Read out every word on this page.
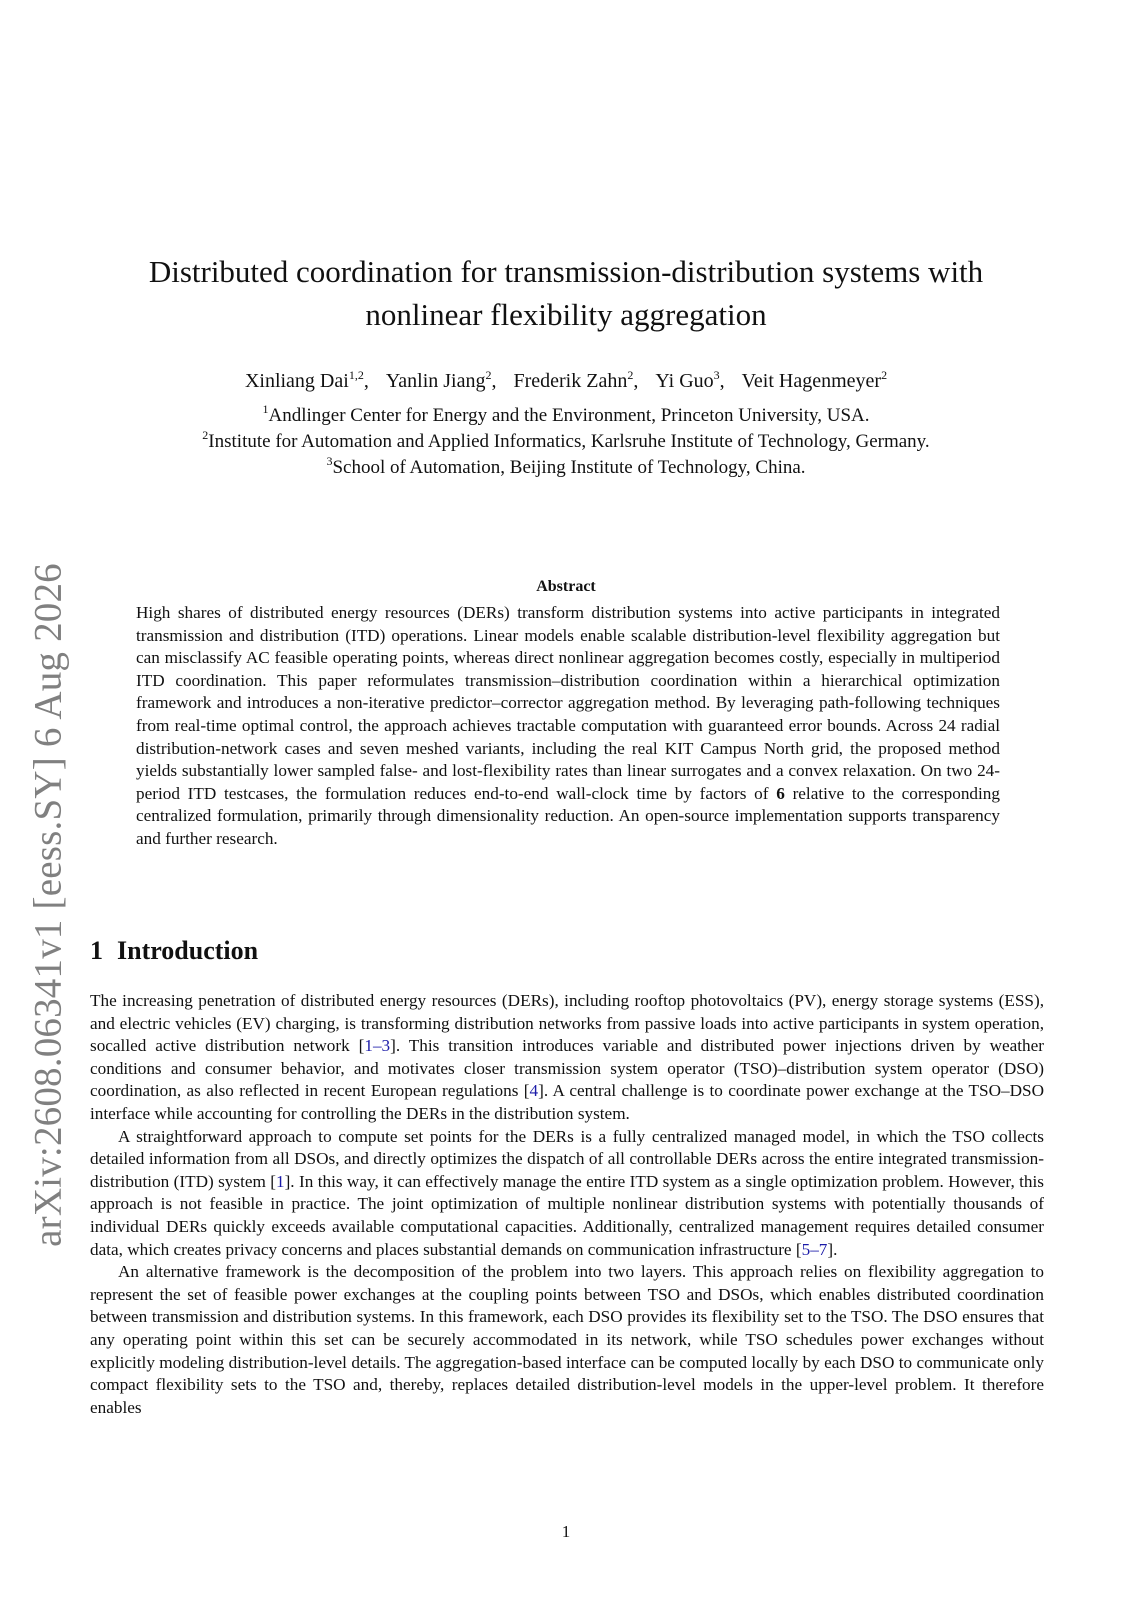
arXiv:2608.06341v1 [eess.SY] 6 Aug 2026
Distributed coordination for transmission-distribution systems with
nonlinear flexibility aggregation
Xinliang Dai$^{1,2}$, Yanlin Jiang$^2$, Frederik Zahn$^2$, Yi Guo$^3$, Veit Hagenmeyer$^2$
$^1$Andlinger Center for Energy and the Environment, Princeton University, USA.
$^2$Institute for Automation and Applied Informatics, Karlsruhe Institute of Technology, Germany.
$^3$School of Automation, Beijing Institute of Technology, China.
Abstract

High shares of distributed energy resources (DERs) transform distribution systems into active participants in integrated transmission and distribution (ITD) operations. Linear models enable scalable distribution-level flexibility aggregation but can misclassify AC feasible operating points, whereas direct nonlinear aggregation becomes costly, especially in multiperiod ITD coordination. This paper reformulates transmission–distribution coordination within a hierarchical optimization framework and introduces a non-iterative predictor–corrector aggregation method. By leveraging path-following techniques from real-time optimal control, the approach achieves tractable computation with guaranteed error bounds. Across 24 radial distribution-network cases and seven meshed variants, including the real KIT Campus North grid, the proposed method yields substantially lower sampled false- and lost-flexibility rates than linear surrogates and a convex relaxation. On two 24-period ITD testcases, the formulation reduces end-to-end wall-clock time by factors of 6 relative to the corresponding centralized formulation, primarily through dimensionality reduction. An open-source implementation supports transparency and further research.

1 Introduction

The increasing penetration of distributed energy resources (DERs), including rooftop photovoltaics (PV), energy storage systems (ESS), and electric vehicles (EV) charging, is transforming distribution networks from passive loads into active participants in system operation, socalled active distribution network [1–3]. This transition introduces variable and distributed power injections driven by weather conditions and consumer behavior, and motivates closer transmission system operator (TSO)–distribution system operator (DSO) coordination, as also reflected in recent European regulations [4]. A central challenge is to coordinate power exchange at the TSO–DSO interface while accounting for controlling the DERs in the distribution system.

A straightforward approach to compute set points for the DERs is a fully centralized managed model, in which the TSO collects detailed information from all DSOs, and directly optimizes the dispatch of all controllable DERs across the entire integrated transmission-distribution (ITD) system [1]. In this way, it can effectively manage the entire ITD system as a single optimization problem. However, this approach is not feasible in practice. The joint optimization of multiple nonlinear distribution systems with potentially thousands of individual DERs quickly exceeds available computational capacities. Additionally, centralized management requires detailed consumer data, which creates privacy concerns and places substantial demands on communication infrastructure [5–7].

An alternative framework is the decomposition of the problem into two layers. This approach relies on flexibility aggregation to represent the set of feasible power exchanges at the coupling points between TSO and DSOs, which enables distributed coordination between transmission and distribution systems. In this framework, each DSO provides its flexibility set to the TSO. The DSO ensures that any operating point within this set can be securely accommodated in its network, while TSO schedules power exchanges without explicitly modeling distribution-level details. The aggregation-based interface can be computed locally by each DSO to communicate only compact flexibility sets to the TSO and, thereby, replaces detailed distribution-level models in the upper-level problem. It therefore enables

1
